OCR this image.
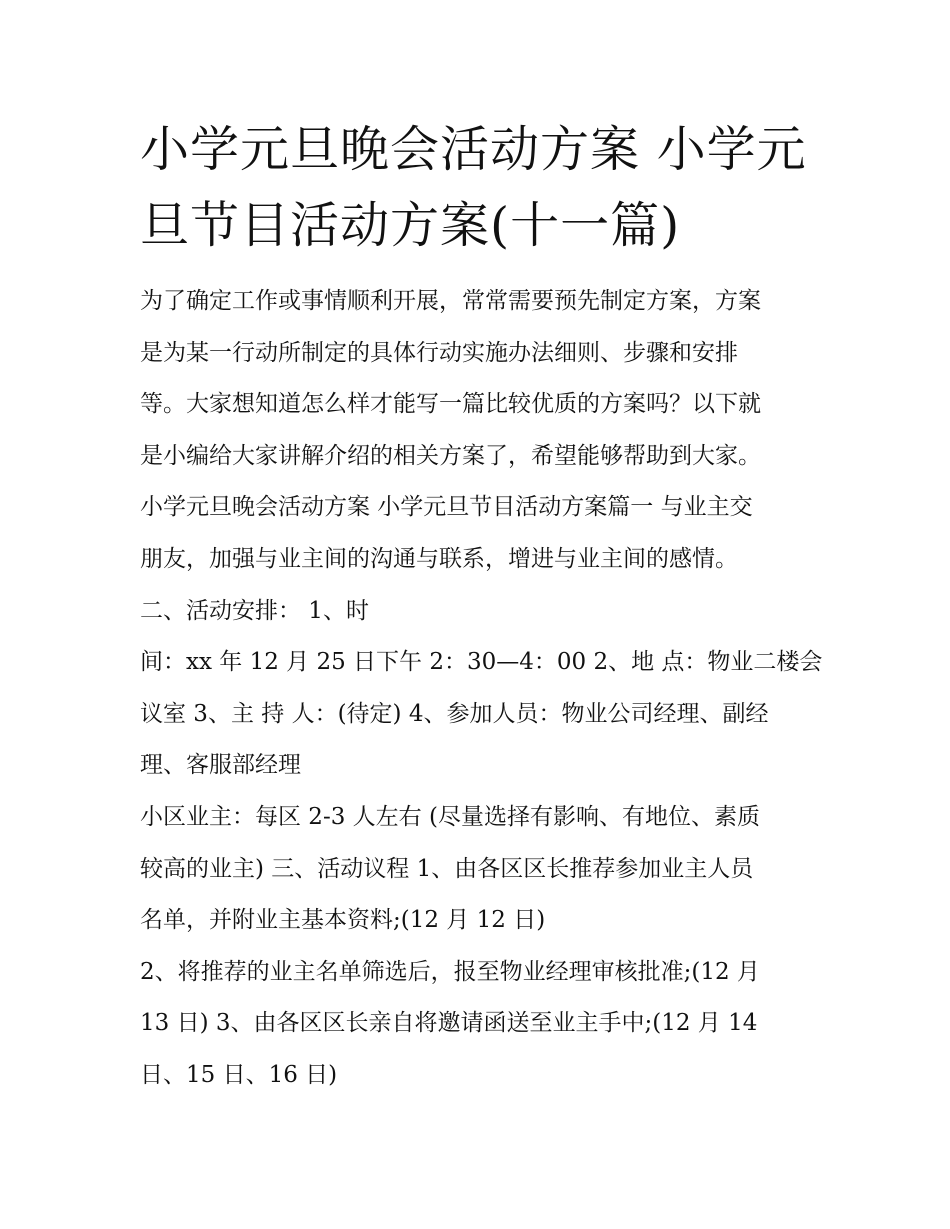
小学元旦晚会活动方案 小学元
旦节目活动方案(十一篇)
为了确定工作或事情顺利开展，常常需要预先制定方案，方案
是为某一行动所制定的具体行动实施办法细则、步骤和安排
等。大家想知道怎么样才能写一篇比较优质的方案吗？以下就
是小编给大家讲解介绍的相关方案了，希望能够帮助到大家。
小学元旦晚会活动方案 小学元旦节目活动方案篇一 与业主交
朋友，加强与业主间的沟通与联系，增进与业主间的感情。
二、活动安排： 1、时
间：xx 年 12 月 25 日下午 2：30—4：00 2、地 点：物业二楼会
议室 3、主 持 人：(待定) 4、参加人员：物业公司经理、副经
理、客服部经理
小区业主：每区 2-3 人左右 (尽量选择有影响、有地位、素质
较高的业主) 三、活动议程 1、由各区区长推荐参加业主人员
名单，并附业主基本资料;(12 月 12 日)
2、将推荐的业主名单筛选后，报至物业经理审核批准;(12 月
13 日) 3、由各区区长亲自将邀请函送至业主手中;(12 月 14
日、15 日、16 日)
